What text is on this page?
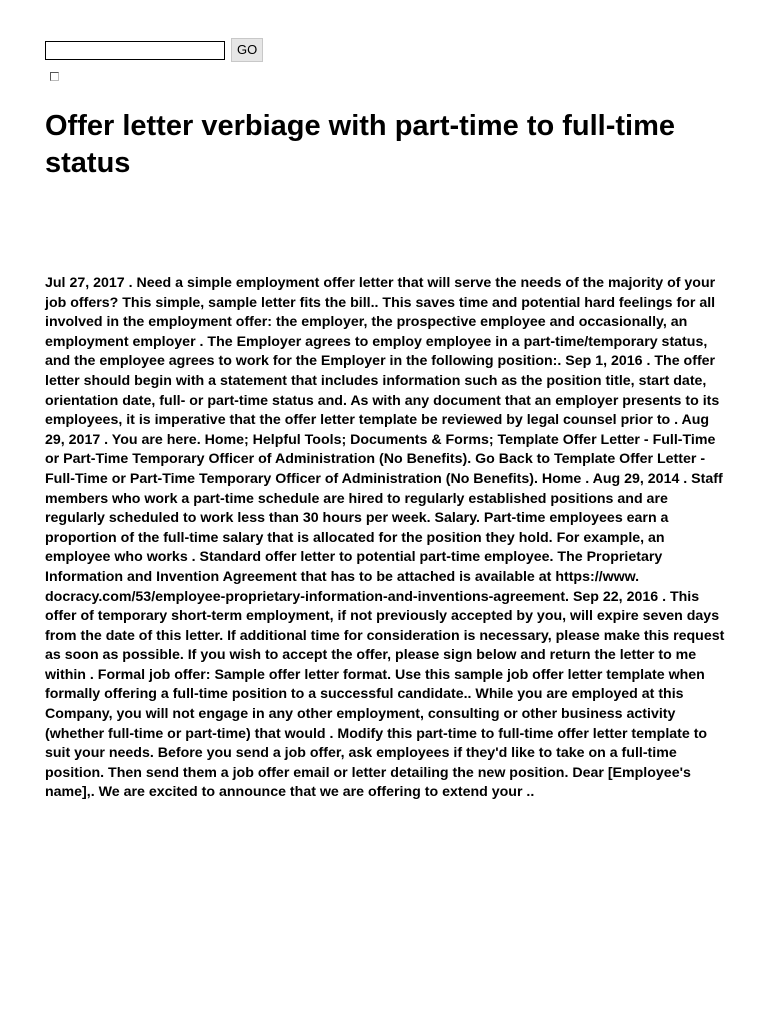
GO
Offer letter verbiage with part-time to full-time status

Jul 27, 2017 . Need a simple employment offer letter that will serve the needs of the majority of your job offers? This simple, sample letter fits the bill.. This saves time and potential hard feelings for all involved in the employment offer: the employer, the prospective employee and occasionally, an employment employer . The Employer agrees to employ employee in a part-time/temporary status, and the employee agrees to work for the Employer in the following position:. Sep 1, 2016 . The offer letter should begin with a statement that includes information such as the position title, start date, orientation date, full- or part-time status and. As with any document that an employer presents to its employees, it is imperative that the offer letter template be reviewed by legal counsel prior to . Aug 29, 2017 . You are here. Home; Helpful Tools; Documents & Forms; Template Offer Letter - Full-Time or Part-Time Temporary Officer of Administration (No Benefits). Go Back to Template Offer Letter - Full-Time or Part-Time Temporary Officer of Administration (No Benefits). Home . Aug 29, 2014 . Staff members who work a part-time schedule are hired to regularly established positions and are regularly scheduled to work less than 30 hours per week. Salary. Part-time employees earn a proportion of the full-time salary that is allocated for the position they hold. For example, an employee who works . Standard offer letter to potential part-time employee. The Proprietary Information and Invention Agreement that has to be attached is available at https://www. docracy.com/53/employee-proprietary-information-and-inventions-agreement. Sep 22, 2016 . This offer of temporary short-term employment, if not previously accepted by you, will expire seven days from the date of this letter. If additional time for consideration is necessary, please make this request as soon as possible. If you wish to accept the offer, please sign below and return the letter to me within . Formal job offer: Sample offer letter format. Use this sample job offer letter template when formally offering a full-time position to a successful candidate.. While you are employed at this Company, you will not engage in any other employment, consulting or other business activity (whether full-time or part-time) that would . Modify this part-time to full-time offer letter template to suit your needs. Before you send a job offer, ask employees if they'd like to take on a full-time position. Then send them a job offer email or letter detailing the new position. Dear [Employee's name],. We are excited to announce that we are offering to extend your ..
